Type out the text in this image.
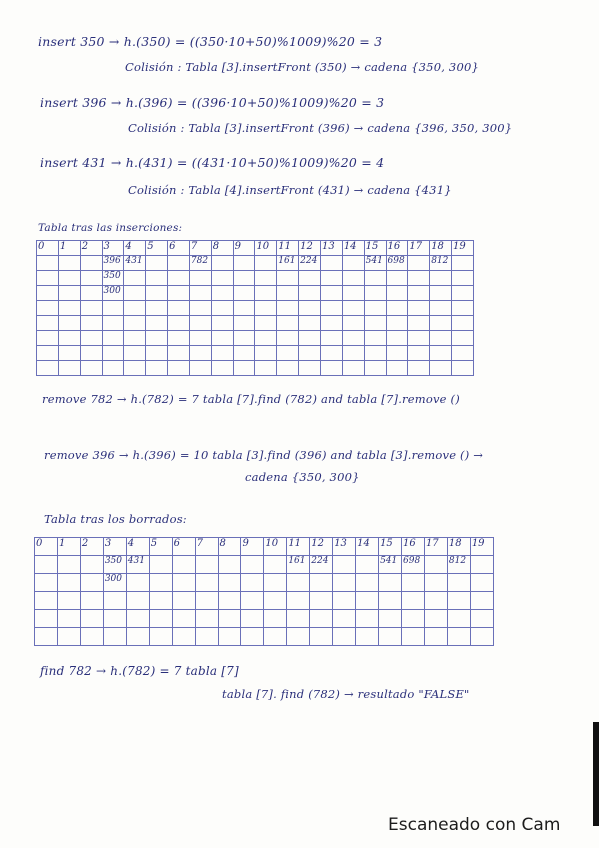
insert 350 → h.(350) = ((350·10+50)%1009)%20 = 3
Colisión : Tabla [3].insertFront (350) → cadena {350, 300}
insert 396 → h.(396) = ((396·10+50)%1009)%20 = 3
Colisión : Tabla [3].insertFront (396) → cadena {396, 350, 300}
insert 431 → h.(431) = ((431·10+50)%1009)%20 = 4
Colisión : Tabla [4].insertFront (431) → cadena {431}
Tabla tras las inserciones:
0	1	2	3	4	5	6	7	8	9	10	11	12	13	14	15	16	17	18	19
			396	431			782				161	224			541	698		812	
			350																
			300																

remove 782 → h.(782) = 7 tabla [7].find (782) and tabla [7].remove ()
remove 396 → h.(396) = 10 tabla [3].find (396) and tabla [3].remove () →
cadena {350, 300}
Tabla tras los borrados:
0	1	2	3	4	5	6	7	8	9	10	11	12	13	14	15	16	17	18	19
			350	431							161	224			541	698		812	
			300																

find 782 → h.(782) = 7 tabla [7]
tabla [7]. find (782) → resultado "FALSE"
Escaneado con Cam
